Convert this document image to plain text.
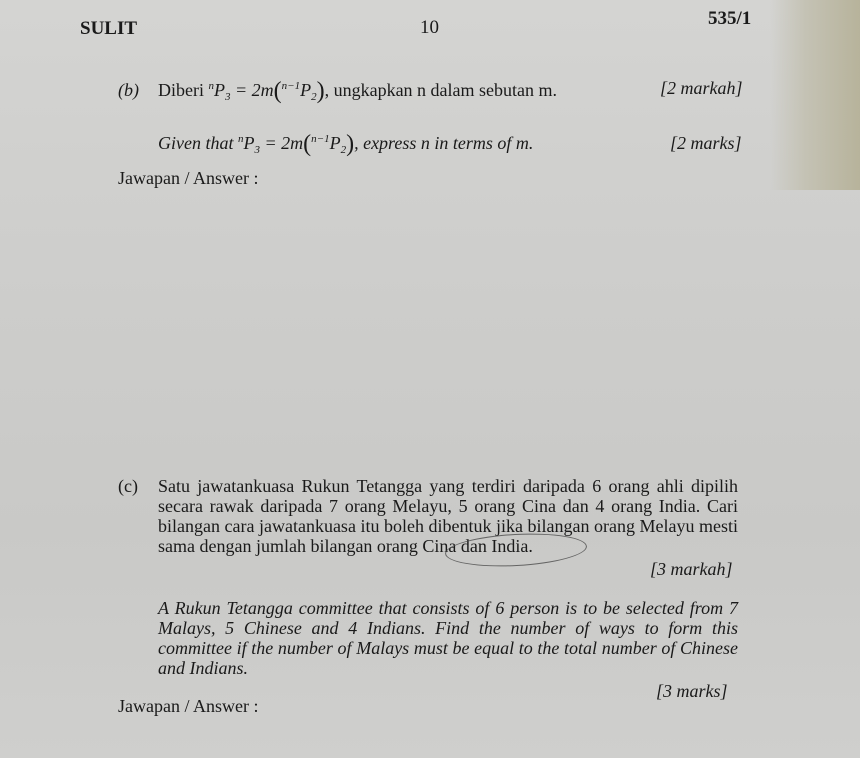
SULIT	10	535/1
(b) Diberi $^nP_3 = 2m(^{n-1}P_2)$, ungkapkan n dalam sebutan m.	[2 markah]
Given that $^nP_3 = 2m(^{n-1}P_2)$, express n in terms of m.	[2 marks]
Jawapan / Answer :
(c) Satu jawatankuasa Rukun Tetangga yang terdiri daripada 6 orang ahli dipilih secara rawak daripada 7 orang Melayu, 5 orang Cina dan 4 orang India. Cari bilangan cara jawatankuasa itu boleh dibentuk jika bilangan orang Melayu mesti sama dengan jumlah bilangan orang Cina dan India.
[3 markah]
A Rukun Tetangga committee that consists of 6 person is to be selected from 7 Malays, 5 Chinese and 4 Indians. Find the number of ways to form this committee if the number of Malays must be equal to the total number of Chinese and Indians.
[3 marks]
Jawapan / Answer :
